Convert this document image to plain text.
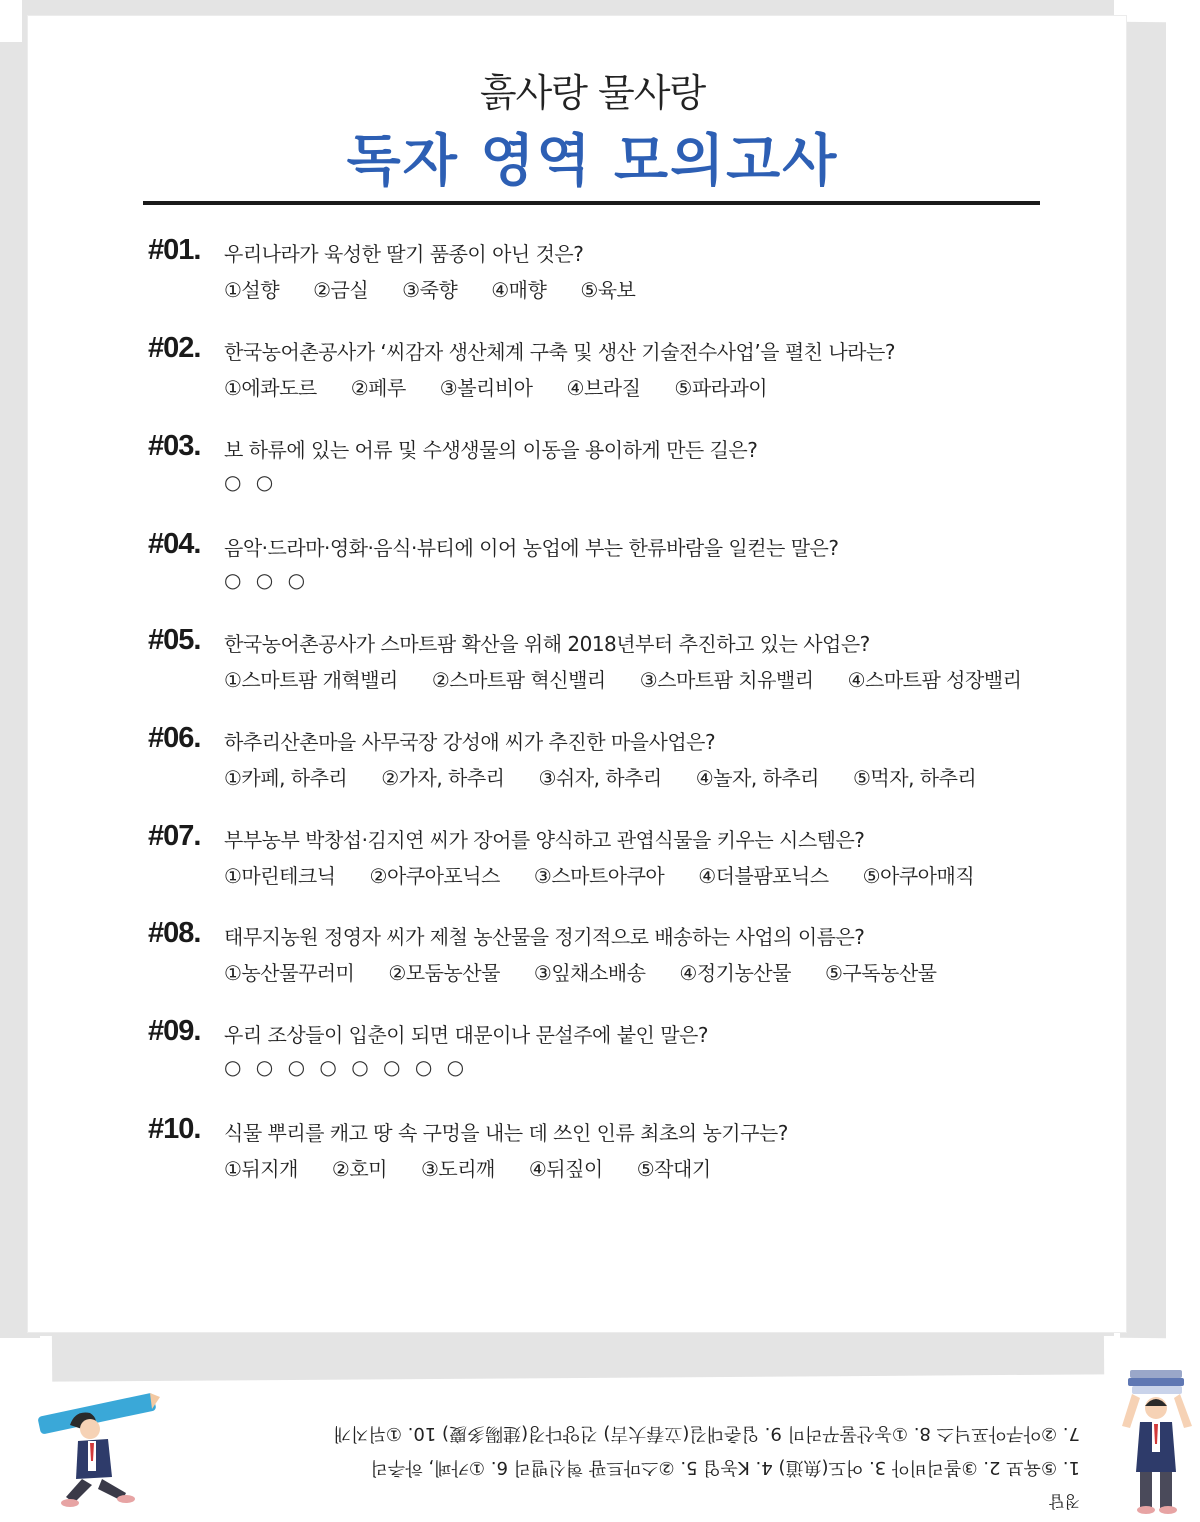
흙사랑 물사랑
독자 영역 모의고사
#01. 우리나라가 육성한 딸기 품종이 아닌 것은?
①설향 ②금실 ③죽향 ④매향 ⑤육보
#02. 한국농어촌공사가 ‘씨감자 생산체계 구축 및 생산 기술전수사업’을 펼친 나라는?
①에콰도르 ②페루 ③볼리비아 ④브라질 ⑤파라과이
#03. 보 하류에 있는 어류 및 수생생물의 이동을 용이하게 만든 길은?
○ ○
#04. 음악·드라마·영화·음식·뷰티에 이어 농업에 부는 한류바람을 일컫는 말은?
○ ○ ○
#05. 한국농어촌공사가 스마트팜 확산을 위해 2018년부터 추진하고 있는 사업은?
①스마트팜 개혁밸리 ②스마트팜 혁신밸리 ③스마트팜 치유밸리 ④스마트팜 성장밸리
#06. 하추리산촌마을 사무국장 강성애 씨가 추진한 마을사업은?
①카페, 하추리 ②가자, 하추리 ③쉬자, 하추리 ④놀자, 하추리 ⑤먹자, 하추리
#07. 부부농부 박창섭·김지연 씨가 장어를 양식하고 관엽식물을 키우는 시스템은?
①마린테크닉 ②아쿠아포닉스 ③스마트아쿠아 ④더블팜포닉스 ⑤아쿠아매직
#08. 태무지농원 정영자 씨가 제철 농산물을 정기적으로 배송하는 사업의 이름은?
①농산물꾸러미 ②모둠농산물 ③잎채소배송 ④정기농산물 ⑤구독농산물
#09. 우리 조상들이 입춘이 되면 대문이나 문설주에 붙인 말은?
○ ○ ○ ○ ○ ○ ○ ○
#10. 식물 뿌리를 캐고 땅 속 구멍을 내는 데 쓰인 인류 최초의 농기구는?
①뒤지개 ②호미 ③도리깨 ④뒤짚이 ⑤작대기
정답
1. ⑤육보 2. ③볼리비아 3. 어도(魚道) 4. K농업 5. ②스마트팜 혁신밸리 6. ①카페, 하추리
7. ②아쿠아포닉스 8. ①농산물꾸러미 9. 입춘대길(立春大吉) 건양다경(建陽多慶) 10. ①뒤지개
